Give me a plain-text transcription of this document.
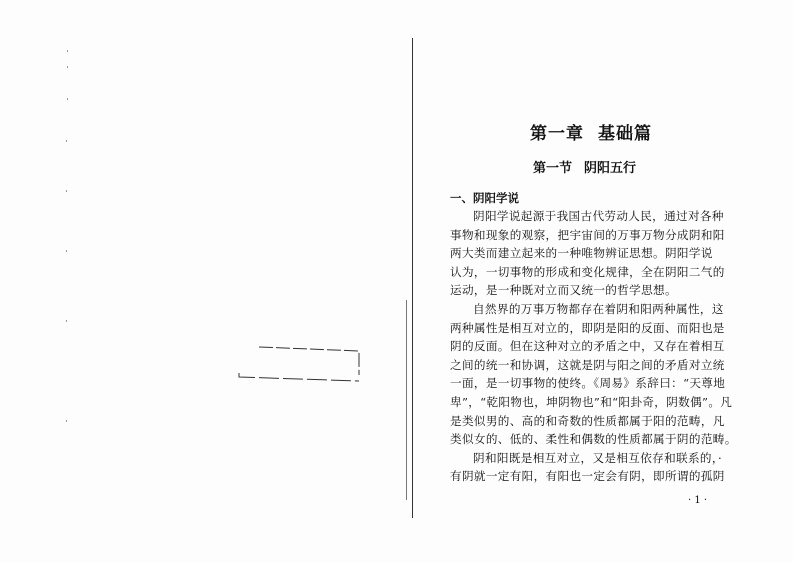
第一章 基础篇
第一节 阴阳五行
一、阴阳学说
阴阳学说起源于我国古代劳动人民，通过对各种
事物和现象的观察，把宇宙间的万事万物分成阴和阳
两大类而建立起来的一种唯物辨证思想。阴阳学说
认为，一切事物的形成和变化规律，全在阴阳二气的
运动，是一种既对立而又统一的哲学思想。
自然界的万事万物都存在着阴和阳两种属性，这
两种属性是相互对立的，即阴是阳的反面、而阳也是
阴的反面。但在这种对立的矛盾之中，又存在着相互
之间的统一和协调，这就是阴与阳之间的矛盾对立统
一面，是一切事物的使终。《周易》系辞曰：“天尊地
卑”，“乾阳物也，坤阴物也”和“阳卦奇，阴数偶”。凡
是类似男的、高的和奇数的性质都属于阳的范畴，凡
类似女的、低的、柔性和偶数的性质都属于阴的范畴。
阴和阳既是相互对立，又是相互依存和联系的，·
有阴就一定有阳，有阳也一定会有阴，即所谓的孤阴
· 1 ·
